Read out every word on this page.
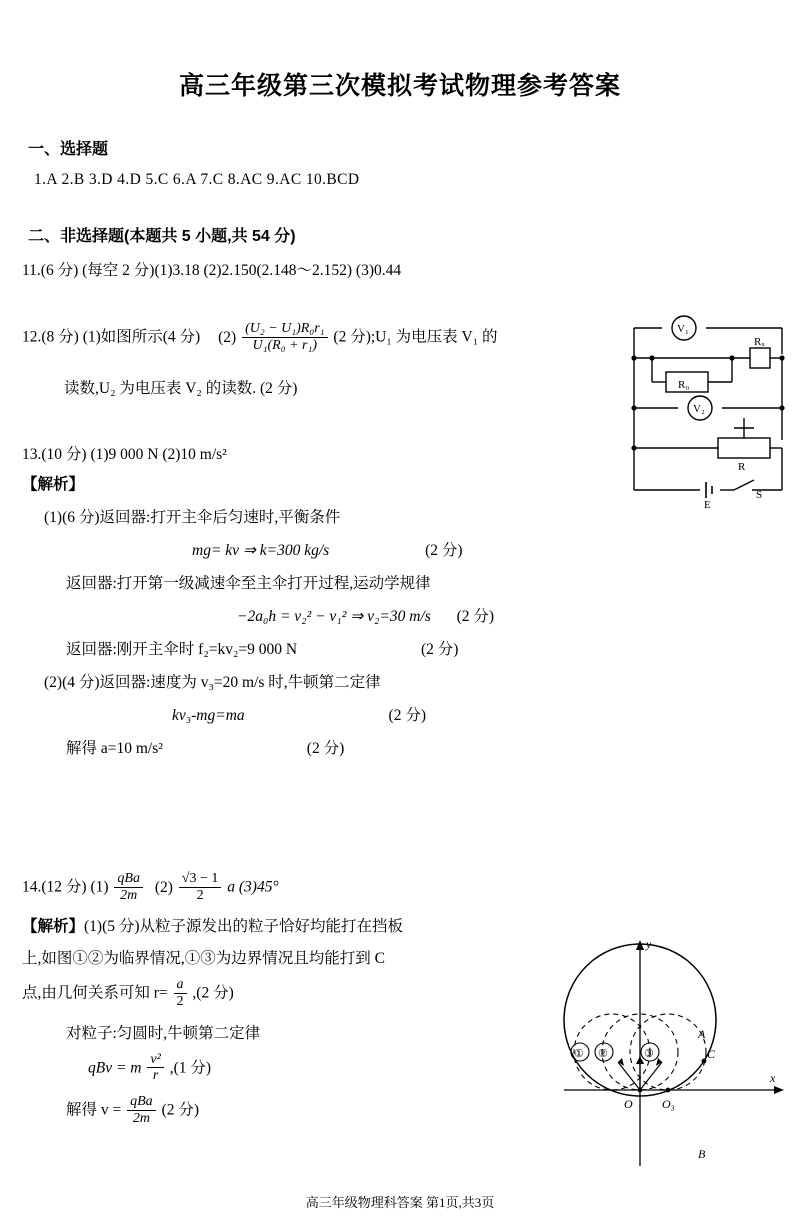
高三年级第三次模拟考试物理参考答案
一、选择题
1.A 2.B 3.D 4.D 5.C 6.A 7.C 8.AC 9.AC 10.BCD
二、非选择题(本题共 5 小题,共 54 分)
11.(6 分) (每空 2 分)(1)3.18 (2)2.150(2.148～2.152) (3)0.44
12.(8 分) (1)如图所示(4 分) $(2) \frac{\text{(U₂ − U₁)R₀r₁}}{\text{U₁(R₀ + r₁)}} (2$ 分);U₁ 为电压表 V₁ 的
读数,U₂ 为电压表 V₂ 的读数. (2 分)
V₁
V₂
Rₓ
R₀
R
E
S
13.(10 分) (1)9 000 N (2)10 m/s²
【解析】
(1)(6 分)返回器:打开主伞后匀速时,平衡条件
mg= kv ⇒ k=300 kg/s	(2 分)
返回器:打开第一级减速伞至主伞打开过程,运动学规律
−2a₀h = v₂² − v₁² ⇒ v₂=30 m/s (2 分)
返回器:刚开主伞时 f₂=kv₂=9 000 N	(2 分)
(2)(4 分)返回器:速度为 v₃=20 m/s 时,牛顿第二定律
kv₃-mg=ma	(2 分)
解得 a=10 m/s²	(2 分)
14.(12 分) $(1) \frac{\text{qBa}}{2m} (2) \frac{√3 - 1}{2}$ a (3)45°
【解析】(1)(5 分)从粒子源发出的粒子恰好均能打在挡板
上,如图①②为临界情况,①③为边界情况且均能打到 C
点,由几何关系可知 $r= \frac{a}{2} ,(2$ 分)
对粒子:匀圆时,牛顿第二定律
qBv = m $\frac{\text{v²}}{r} ,(1$ 分)
解得 $v = \frac{\text{qBa}}{2m} (2$ 分)
y
x
A
B
C
O O₃
① ②	③
高三年级物理科答案 第1页,共3页
